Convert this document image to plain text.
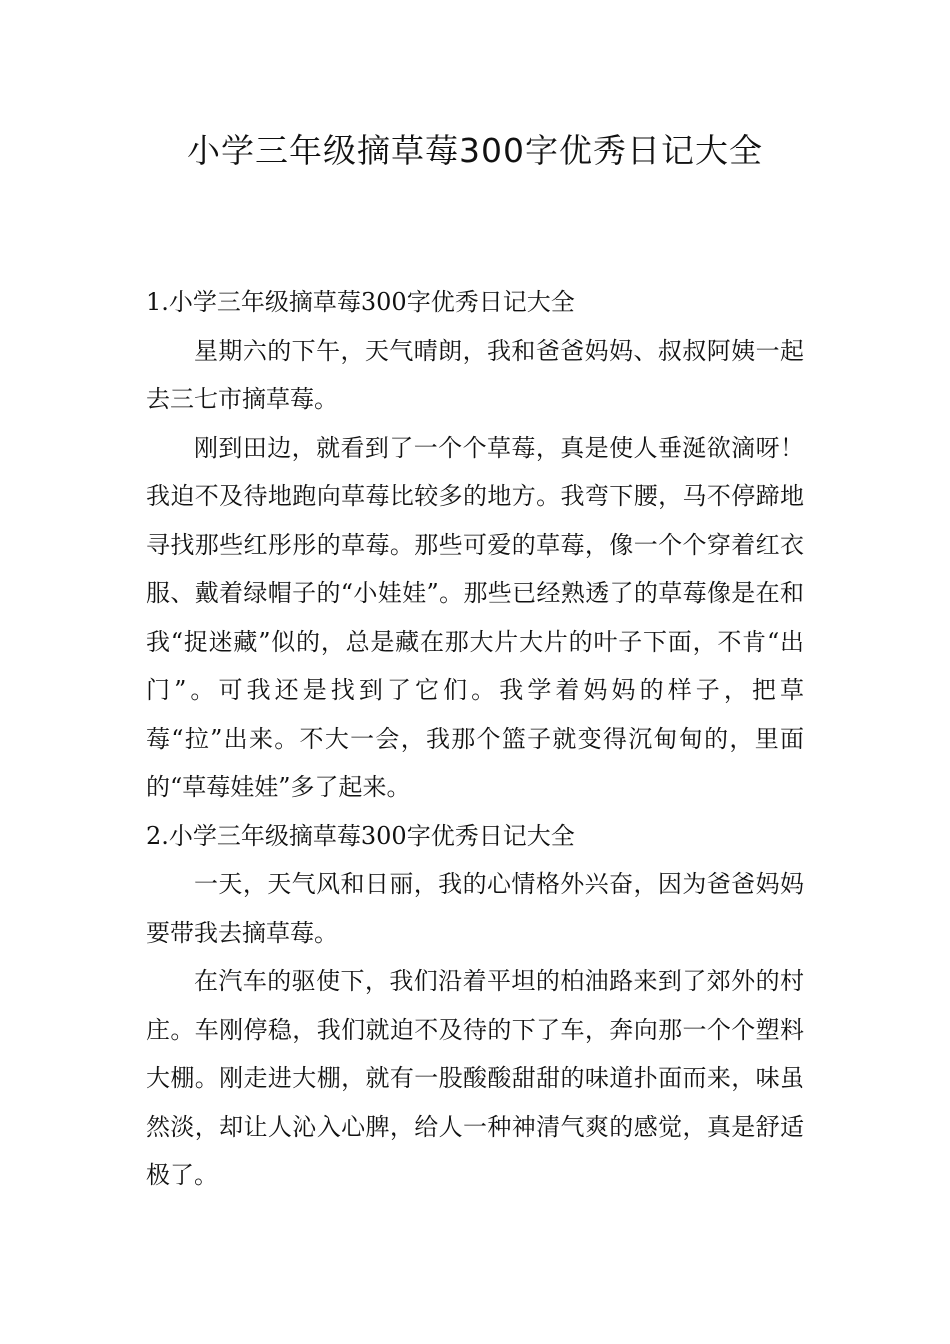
小学三年级摘草莓300字优秀日记大全
1.小学三年级摘草莓300字优秀日记大全

星期六的下午，天气晴朗，我和爸爸妈妈、叔叔阿姨一起去三七市摘草莓。

刚到田边，就看到了一个个草莓，真是使人垂涎欲滴呀！我迫不及待地跑向草莓比较多的地方。我弯下腰，马不停蹄地寻找那些红彤彤的草莓。那些可爱的草莓，像一个个穿着红衣服、戴着绿帽子的“小娃娃”。那些已经熟透了的草莓像是在和我“捉迷藏”似的，总是藏在那大片大片的叶子下面，不肯“出门”。可我还是找到了它们。我学着妈妈的样子，把草莓“拉”出来。不大一会，我那个篮子就变得沉甸甸的，里面的“草莓娃娃”多了起来。

2.小学三年级摘草莓300字优秀日记大全

一天，天气风和日丽，我的心情格外兴奋，因为爸爸妈妈要带我去摘草莓。

在汽车的驱使下，我们沿着平坦的柏油路来到了郊外的村庄。车刚停稳，我们就迫不及待的下了车，奔向那一个个塑料大棚。刚走进大棚，就有一股酸酸甜甜的味道扑面而来，味虽然淡，却让人沁入心脾，给人一种神清气爽的感觉，真是舒适极了。
